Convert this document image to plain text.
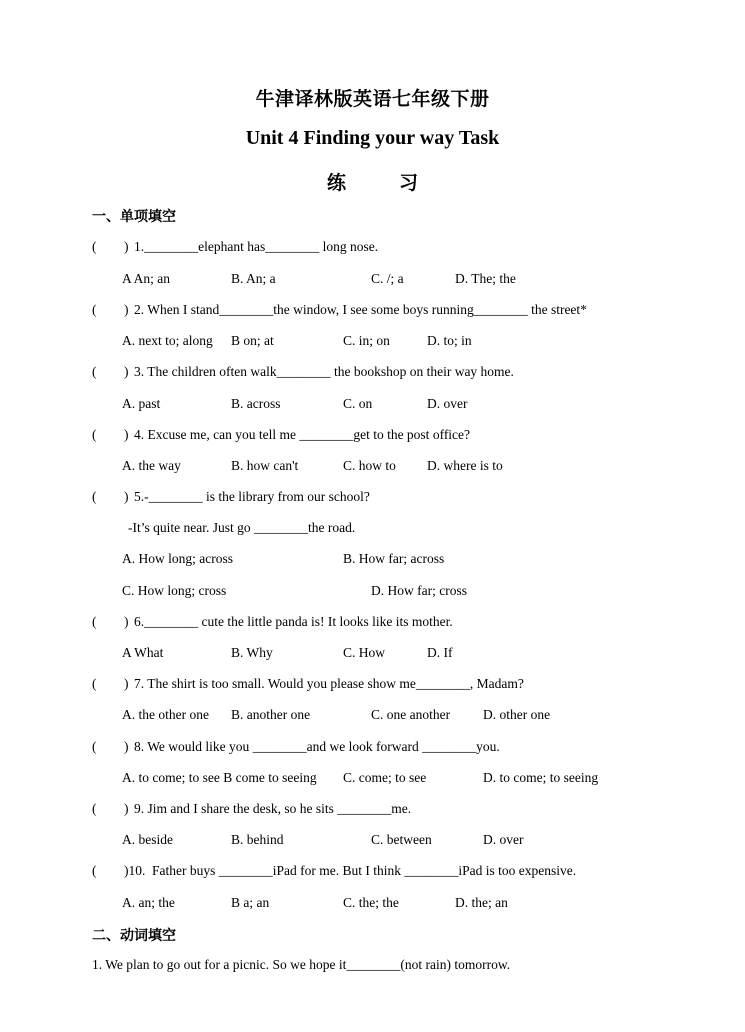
牛津译林版英语七年级下册
Unit 4 Finding your way Task
练        习
一、单项填空
( ) 1.________elephant has________ long nose.
A An; an	B. An; a	C. /; a	D. The; the
( ) 2. When I stand________the window, I see some boys running________ the street*
A. next to; along B on; at	C. in; on	D. to; in
( ) 3. The children often walk________ the bookshop on their way home.
A. past	B. across	C. on	D. over
( ) 4. Excuse me, can you tell me ________get to the post office?
A. the way	B. how can't	C. how to D. where is to
( ) 5.-________ is the library from our school?
-It’s quite near. Just go ________the road.
A. How long; across	B. How far; across
C. How long; cross	D. How far; cross
( ) 6.________ cute the little panda is! It looks like its mother.
A What	B. Why	C. How	D. If
( ) 7. The shirt is too small. Would you please show me________, Madam?
A. the other one B. another one	C. one another D. other one
( ) 8. We would like you ________and we look forward ________you.
A. to come; to see B come to seeing C. come; to see	D. to come; to seeing
( ) 9. Jim and I share the desk, so he sits ________me.
A. beside	B. behind	C. between	D. over
( )10. Father buys ________iPad for me. But I think ________iPad is too expensive.
A. an; the	B a; an	C. the; the	D. the; an
二、动词填空
1. We plan to go out for a picnic. So we hope it________(not rain) tomorrow.
